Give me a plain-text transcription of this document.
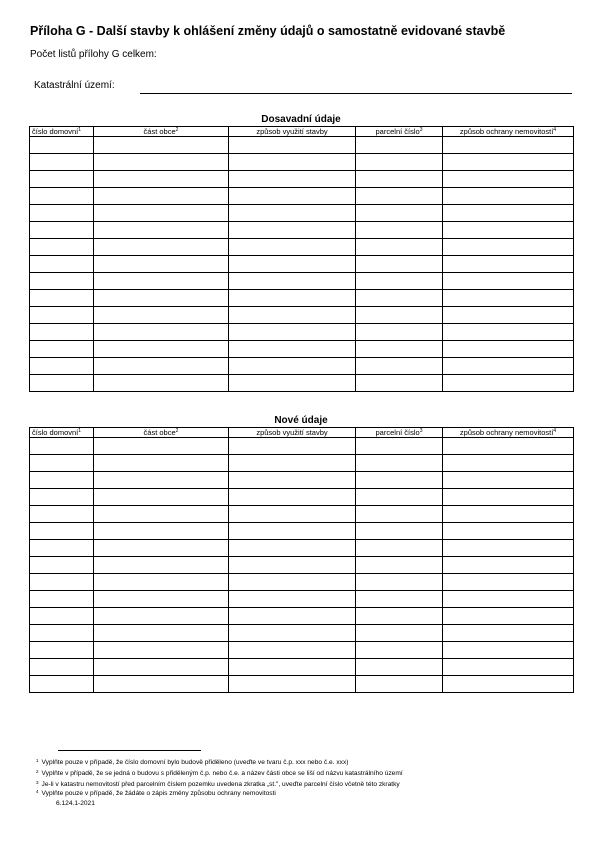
Příloha G - Další stavby k ohlášení změny údajů o samostatně evidované stavbě
Počet listů přílohy G celkem:
Katastrální území:
Dosavadní údaje
číslo domovní$^1$	část obce$^2$	způsob využití stavby	parcelní číslo$^3$	způsob ochrany nemovitostí$^4$

Nové údaje
číslo domovní$^1$	část obce$^2$	způsob využití stavby	parcelní číslo$^3$	způsob ochrany nemovitostí$^4$

$^1$ Vyplňte pouze v případě, že číslo domovní bylo budově přiděleno (uveďte ve tvaru č.p. xxx nebo č.e. xxx)
$^2$ Vyplňte v případě, že se jedná o budovu s přiděleným č.p. nebo č.e. a název části obce se liší od názvu katastrálního území
$^3$ Je-li v katastru nemovitostí před parcelním číslem pozemku uvedena zkratka „st.", uveďte parcelní číslo včetně této zkratky
$^4$ Vyplňte pouze v případě, že žádáte o zápis změny způsobu ochrany nemovitosti
6.124.1-2021
